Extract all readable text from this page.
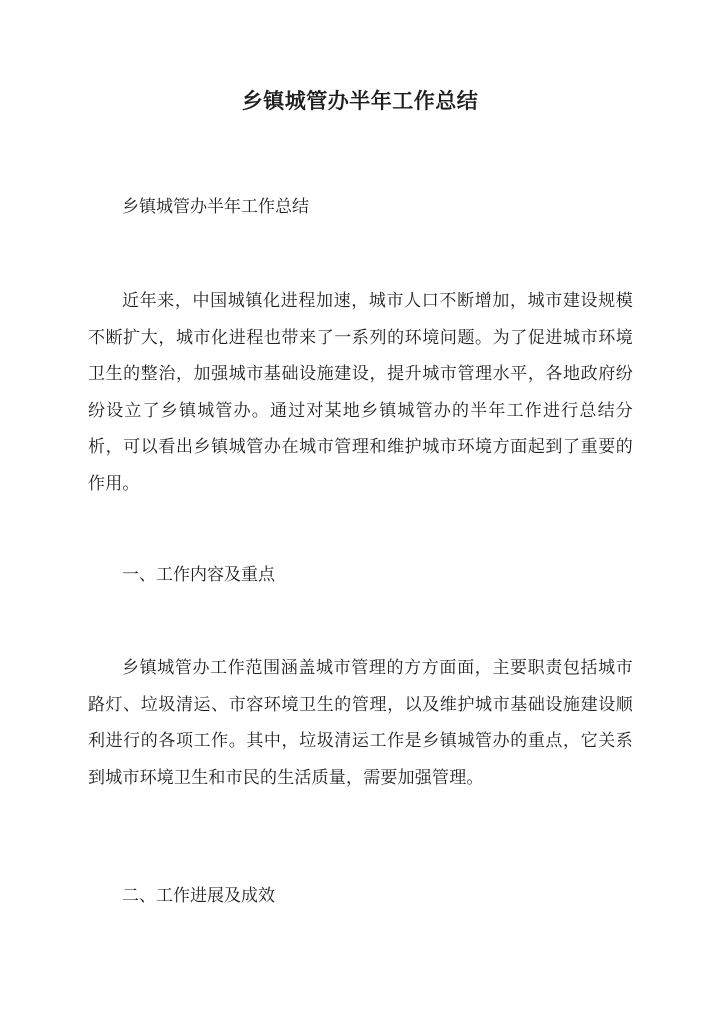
乡镇城管办半年工作总结

乡镇城管办半年工作总结

近年来，中国城镇化进程加速，城市人口不断增加，城市建设规模不断扩大，城市化进程也带来了一系列的环境问题。为了促进城市环境卫生的整治，加强城市基础设施建设，提升城市管理水平，各地政府纷纷设立了乡镇城管办。通过对某地乡镇城管办的半年工作进行总结分析，可以看出乡镇城管办在城市管理和维护城市环境方面起到了重要的作用。

一、工作内容及重点

乡镇城管办工作范围涵盖城市管理的方方面面，主要职责包括城市路灯、垃圾清运、市容环境卫生的管理，以及维护城市基础设施建设顺利进行的各项工作。其中，垃圾清运工作是乡镇城管办的重点，它关系到城市环境卫生和市民的生活质量，需要加强管理。

二、工作进展及成效
